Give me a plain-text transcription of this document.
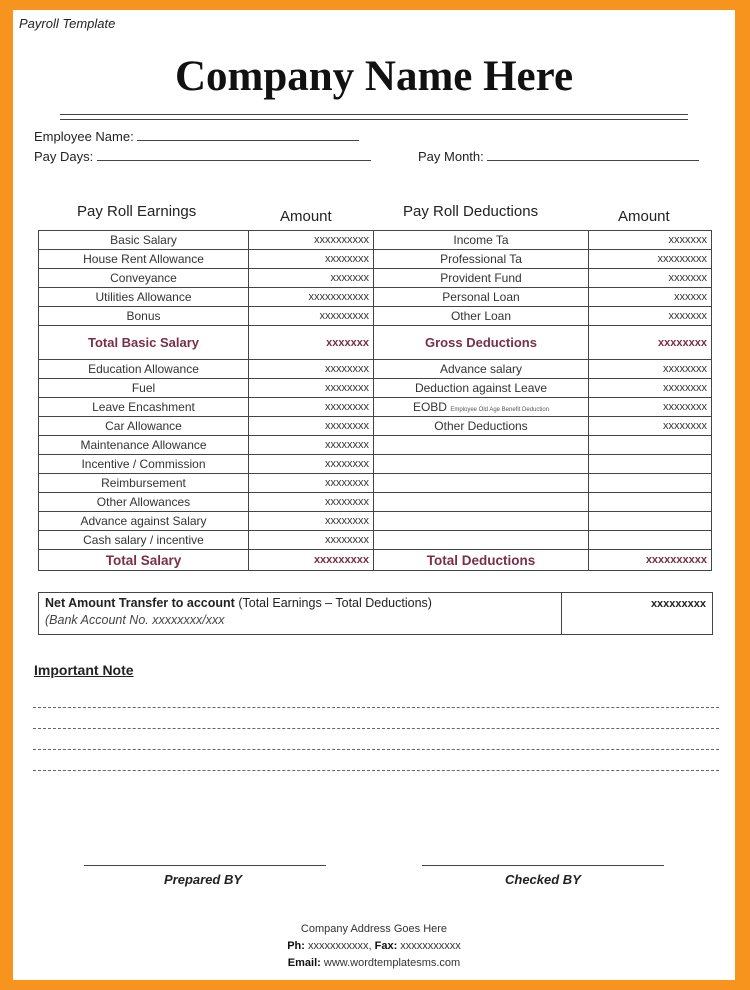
Payroll Template
Company Name Here
Employee Name:
Pay Days:	Pay Month:
Pay Roll Earnings	Amount	Pay Roll Deductions	Amount
Basic Salary	xxxxxxxxxx	Income Ta	xxxxxxx
House Rent Allowance	xxxxxxxx	Professional Ta	xxxxxxxxx
Conveyance	xxxxxxx	Provident Fund	xxxxxxx
Utilities Allowance	xxxxxxxxxxx	Personal Loan	xxxxxx
Bonus	xxxxxxxxx	Other Loan	xxxxxxx
Total Basic Salary	xxxxxxx	Gross Deductions	xxxxxxxx
Education Allowance	xxxxxxxx	Advance salary	xxxxxxxx
Fuel	xxxxxxxx	Deduction against Leave	xxxxxxxx
Leave Encashment	xxxxxxxx	EOBD Employee Old Age Benefit Deduction	xxxxxxxx
Car Allowance	xxxxxxxx	Other Deductions	xxxxxxxx
Maintenance Allowance	xxxxxxxx		
Incentive / Commission	xxxxxxxx		
Reimbursement	xxxxxxxx		
Other Allowances	xxxxxxxx		
Advance against Salary	xxxxxxxx		
Cash salary / incentive	xxxxxxxx		
Total Salary	xxxxxxxxx	Total Deductions	xxxxxxxxxx
Net Amount Transfer to account (Total Earnings – Total Deductions)
(Bank Account No. xxxxxxxx/xxx
	xxxxxxxxx
Important Note
Prepared BY	Checked BY
Company Address Goes Here
Ph: xxxxxxxxxxx, Fax: xxxxxxxxxxx
Email: www.wordtemplatesms.com
